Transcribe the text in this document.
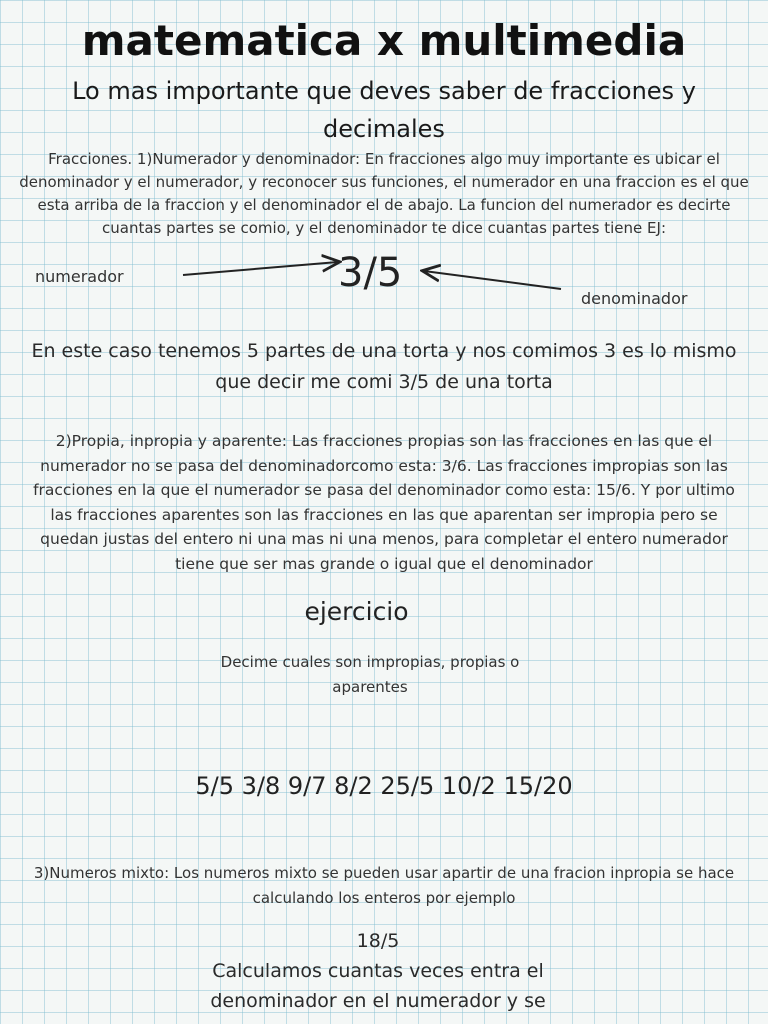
matematica x multimedia
Lo mas importante que deves saber de fracciones y decimales
Fracciones. 1)Numerador y denominador: En fracciones algo muy importante es ubicar el denominador y el numerador, y reconocer sus funciones, el numerador en una fraccion es el que esta arriba de la fraccion y el denominador el de abajo. La funcion del numerador es decirte cuantas partes se comio, y el denominador te dice cuantas partes tiene EJ:
numerador	3/5
denominador
En este caso tenemos 5 partes de una torta y nos comimos 3 es lo mismo que decir me comi 3/5 de una torta
2)Propia, inpropia y aparente: Las fracciones propias son las fracciones en las que el numerador no se pasa del denominadorcomo esta: 3/6. Las fracciones impropias son las fracciones en la que el numerador se pasa del denominador como esta: 15/6. Y por ultimo las fracciones aparentes son las fracciones en las que aparentan ser impropia pero se quedan justas del entero ni una mas ni una menos, para completar el entero numerador tiene que ser mas grande o igual que el denominador
ejercicio
Decime cuales son impropias, propias o aparentes
5/5 3/8 9/7 8/2 25/5 10/2 15/20
3)Numeros mixto: Los numeros mixto se pueden usar apartir de una fracion inpropia se hace calculando los enteros por ejemplo
18/5
Calculamos cuantas veces entra el denominador en el numerador y se
